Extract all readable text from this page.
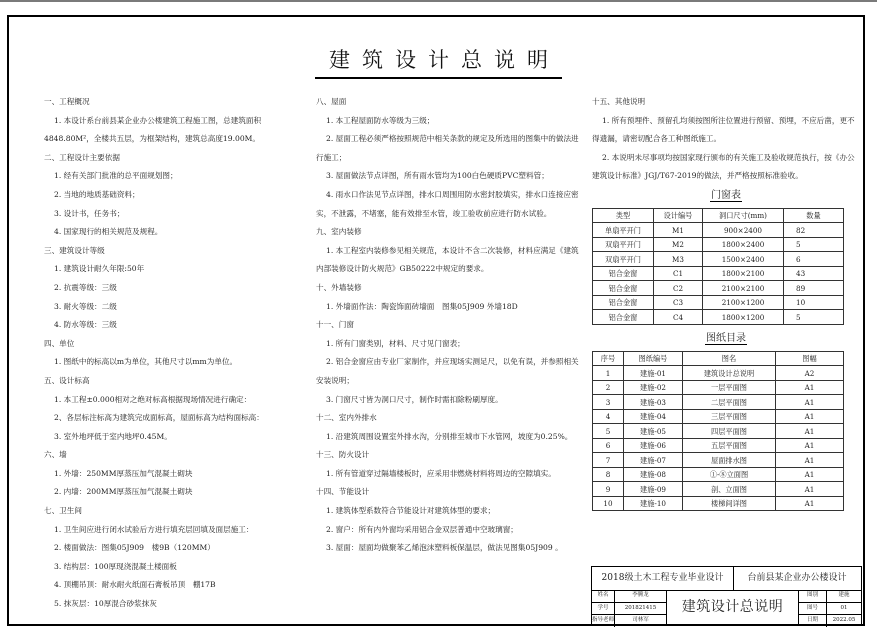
建筑设计总说明
一、工程概况
1. 本设计系台前县某企业办公楼建筑工程施工图，总建筑面积4848.80M²，全楼共五层，为框架结构，建筑总高度19.00M。
二、工程设计主要依据
1. 经有关部门批准的总平面规划图；
2. 当地的地质基础资料；
3. 设计书，任务书；
4. 国家现行的相关规范及规程。
三、建筑设计等级
1. 建筑设计耐久年限:50年
2. 抗震等级：三级
3. 耐火等级：二级
4. 防水等级：三级
四、单位
1. 图纸中的标高以m为单位，其他尺寸以mm为单位。
五、设计标高
1. 本工程±0.000相对之绝对标高根据现场情况进行确定：
2、各层标注标高为建筑完成面标高，屋面标高为结构面标高：
3. 室外地坪低于室内地坪0.45M。
六、墙
1. 外墙：250MM厚蒸压加气混凝土砌块
2. 内墙：200MM厚蒸压加气混凝土砌块
七、卫生间
1. 卫生间应进行闭水试验后方进行填充层回填及面层施工：
2. 楼面做法：图集05J909　楼9B（120MM）
3. 结构层：100厚现浇混凝土楼面板
4. 顶棚吊顶：耐水耐火纸面石膏板吊顶　棚17B
5. 抹灰层：10厚混合砂浆抹灰
八、屋面
1. 本工程屋面防水等级为三级；
2. 屋面工程必须严格按照规范中相关条款的规定及所选用的图集中的做法进行施工；
3. 屋面做法节点详图，所有雨水管均为100白色硬质PVC塑料管；
4. 雨水口作法见节点详图，排水口周围用防水密封胶填实，排水口连接应密实，不泄露，不堵塞，能有效排至水管，竣工验收前应进行防水试验。
九、室内装修
1. 本工程室内装修参见相关规范，本设计不含二次装修，材料应满足《建筑内部装修设计防火规范》GB50222中规定的要求。
十、外墙装修
1. 外墙面作法：陶瓷饰面砖墙面　图集05J909 外墙18D
十一、门窗
1. 所有门窗类别，材料、尺寸见门窗表；
2. 铝合金窗应由专业厂家制作，并应现场实测足尺，以免有误，并参照相关安装说明；
3. 门窗尺寸皆为洞口尺寸，制作时需扣除粉刷厚度。
十二、室内外排水
1. 沿建筑周围设置室外排水沟，分别排至城市下水管网，坡度为0.25%。
十三、防火设计
1. 所有管道穿过隔墙楼板时，应采用非燃烧材料将周边的空隙填实。
十四、节能设计
1. 建筑体型系数符合节能设计对建筑体型的要求；
2. 窗户：所有内外窗均采用铝合金双层普通中空玻璃窗；
3. 屋面：屋面均做聚苯乙烯泡沫塑料板保温层，做法见图集05J909 。
十五、其他说明
1. 所有预埋件、预留孔均须按图所注位置进行预留、预埋，不应后凿，更不得遗漏，请密切配合各工种图纸施工。
2. 本说明未尽事项均按国家现行颁布的有关施工及验收规范执行，按《办公建筑设计标准》JGJ/T67-2019的做法，并严格按照标准验收。
门窗表
类型	设计编号	洞口尺寸(mm)	数量
单扇平开门	M1	900×2400	82
双扇平开门	M2	1800×2400	5
双扇平开门	M3	1500×2400	6
铝合金窗	C1	1800×2100	43
铝合金窗	C2	2100×2100	89
铝合金窗	C3	2100×1200	10
铝合金窗	C4	1800×1200	5
图纸目录
序号	图纸编号	图名	图幅
1	建施-01	建筑设计总说明	A2
2	建施-02	一层平面图	A1
3	建施-03	二层平面图	A1
4	建施-04	三层平面图	A1
5	建施-05	四层平面图	A1
6	建施-06	五层平面图	A1
7	建施-07	屋面排水图	A1
8	建施-08	①-⑧立面图	A1
9	建施-09	剖、立面图	A1
10	建施-10	楼梯间详图	A1
2018级土木工程专业毕业设计	台前县某企业办公楼设计
姓名	李腾龙
学号	201821415
指导老师	司林军
建筑设计总说明
图别	建施
图号	01
日期	2022.05
